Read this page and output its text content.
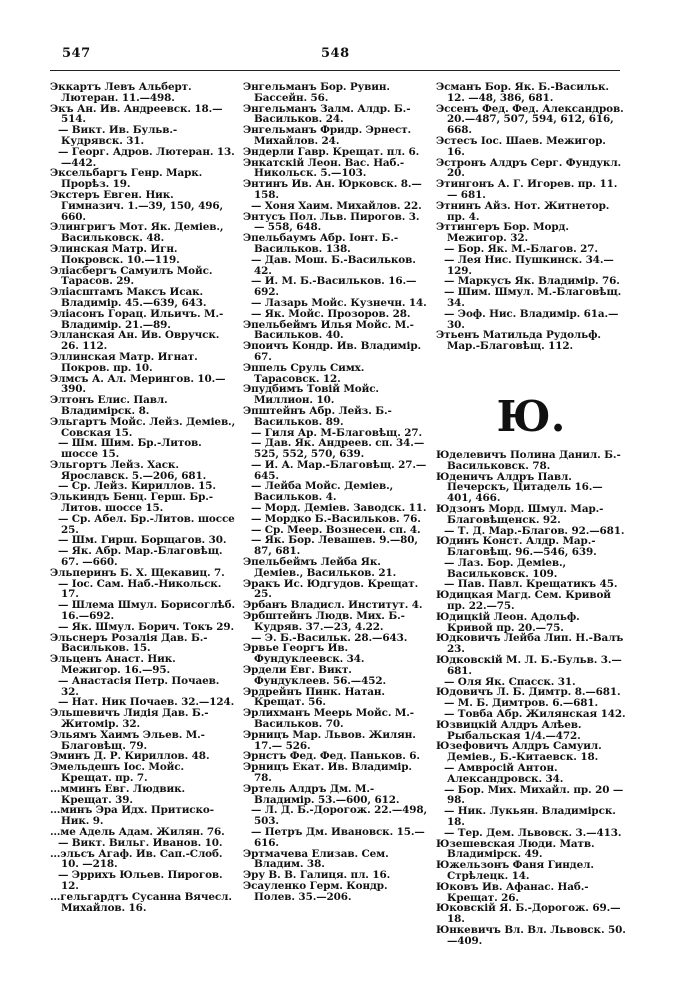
547	548

Эккартъ Левъ Альберт. Лютеран. 11.—498.

Экъ Ан. Ив. Андреевск. 18.— 514.

— Викт. Ив. Бульв.-Кудрявск. 31.

— Георг. Адров. Лютеран. 13. —442.

Эксельбаргъ Генр. Марк. Прорѣз. 19.

Экстеръ Евген. Ник. Гимназич. 1.—39, 150, 496, 660.

Элингригъ Мот. Як. Деміев., Васильковск. 48.

Элинская Матр. Игн. Покровск. 10.—119.

Элiасбергъ Самуилъ Мойс. Тарасов. 29.

Элiасштамъ Максъ Исак. Владимір. 45.—639, 643.

Элiасонъ Горац. Ильичъ. М.-Владимір. 21.—89.

Элланская Ан. Ив. Овручск. 26. 112.

Эллинская Матр. Игнат. Покров. пр. 10.

Элмсъ А. Ал. Мерингов. 10.— 390.

Элтонъ Елис. Павл. Владимірск. 8.

Эльгартъ Мойс. Лейз. Деміев., Совская 15.

— Шм. Шим. Бр.-Литов. шоссе 15.

Эльгортъ Лейз. Хаск. Ярославск. 5.—206, 681.

— Ср. Лейз. Кириллов. 15.

Элькиндъ Бенц. Герш. Бр.-Литов. шоссе 15.

— Ср. Абел. Бр.-Литов. шоссе 25.

— Шм. Гирш. Борщагов. 30.

— Як. Абр. Мар.-Благовѣщ. 67. —660.

Эльперинъ Б. Х. Щекавиц. 7.

— Іос. Сам. Наб.-Никольск. 17.

— Шлема Шмул. Борисоглѣб. 16.—692.

— Як. Шмул. Борич. Токъ 29.

Эльснеръ Розалія Дав. Б.-Васильков. 15.

Эльценъ Анаст. Ник. Межигор. 16.—95.

— Анастасія Петр. Почаев. 32.

— Нат. Ник Почаев. 32.—124.

Эльшевичъ Лидія Дав. Б.-Житомір. 32.

Эльямъ Хаимъ Эльев. М.-Благовѣщ. 79.

Эминъ Д. Р. Кириллов. 48.

Эмельдешъ Іос. Мойс. Крещат. пр. 7.

…мминъ Евг. Людвик. Крещат. 39.

…минъ Эра Идх. Притиско-Ник. 9.

…ме Адель Адам. Жилян. 76.

— Викт. Вильг. Иванов. 10.

…эльсъ Агаф. Ив. Сап.-Слоб. 10. —218.

— Эррихъ Юльев. Пирогов. 12.

…гельгардтъ Сусанна Вячесл. Михайлов. 16.

Энгельманъ Бор. Рувин. Бассейн. 56.

Энгельманъ Залм. Алдр. Б.-Васильков. 24.

Энгельманъ Фридр. Эрнест. Михайлов. 24.

Эндерли Гавр. Крещат. пл. 6.

Энкатскій Леон. Вас. Наб.-Никольск. 5.—103.

Энтинъ Ив. Ан. Юрковск. 8.— 158.

— Хоня Хаим. Михайлов. 22.

Энтусъ Пол. Льв. Пирогов. 3.— 558, 648.

Эпельбаумъ Абр. Іонт. Б.-Васильков. 138.

— Дав. Мош. Б.-Васильков. 42.

— И. М. Б.-Васильков. 16.— 692.

— Лазарь Мойс. Кузнечн. 14.

— Як. Мойс. Прозоров. 28.

Эпельбеймъ Илья Мойс. М.-Васильков. 40.

Эпоичъ Кондр. Ив. Владимір. 67.

Эппель Сруль Симх. Тарасовск. 12.

Эпудбимъ Товій Мойс. Миллион. 10.

Эпштейнъ Абр. Лейз. Б.-Васильков. 89.

— Гиля Ар. М-Благовѣщ. 27.

— Дав. Як. Андреев. сп. 34.— 525, 552, 570, 639.

— И. А. Мар.-Благовѣщ. 27.— 645.

— Лейба Мойс. Деміев., Васильков. 4.

— Морд. Деміев. Заводск. 11.

— Мордко Б.-Васильков. 76.

— Ср. Меер. Вознесен. сп. 4.

— Як. Бор. Левашев. 9.—80, 87, 681.

Эпельбеймъ Лейба Як. Деміев., Васильков. 21.

Эракъ Ис. Юдгудов. Крещат. 25.

Эрбанъ Владисл. Институт. 4.

Эрбштейнъ Людв. Мих. Б.-Кудряв. 37.—23, 4.22.

— Э. Б.-Васильк. 28.—643.

Эрвье Георгъ Ив. Фундуклеевск. 34.

Эрдели Евг. Викт. Фундуклеев. 56.—452.

Эрдрейнъ Пинк. Натан. Крещат. 56.

Эрлихманъ Меерь Мойс. М.-Васильков. 70.

Эрницъ Мар. Львов. Жилян. 17.— 526.

Эрнстъ Фед. Фед. Паньков. 6.

Эрницъ Екат. Ив. Владимір. 78.

Эртель Алдръ Дм. М.-Владимір. 53.—600, 612.

— Л. Д. Б.-Дорогож. 22.—498, 503.

— Петръ Дм. Ивановск. 15.— 616.

Эртмачева Елизав. Сем. Владим. 38.

Эру В. В. Галиця. пл. 16.

Эсауленко Герм. Кондр. Полев. 35.—206.

Эсманъ Бор. Як. Б.-Васильк. 12. —48, 386, 681.

Эссенъ Фед. Фед. Александров. 20.—487, 507, 594, 612, 616, 668.

Эстесъ Іос. Шаев. Межигор. 16.

Эстронъ Алдръ Серг. Фундукл. 20.

Этингонъ А. Г. Игорев. пр. 11.— 681.

Этнинъ Айз. Нот. Житнетор. пр. 4.

Эттингеръ Бор. Морд. Межигор. 32.

— Бор. Як. М.-Благов. 27.

— Лея Нис. Пушкинск. 34.— 129.

— Маркусъ Як. Владимір. 76.

— Шим. Шмул. М.-Благовѣщ. 34.

— Эоф. Нис. Владимір. 61а.— 30.

Этьенъ Матильда Рудольф. Мар.-Благовѣщ. 112.

Ю.

Юделевичъ Полина Данил. Б.-Васильковск. 78.

Юденичъ Алдръ Павл. Печерскъ, Цитадель 16.—401, 466.

Юдзонъ Морд. Шмул. Мар.-Благовѣщенск. 92.

— Т. Д. Мар.-Благов. 92.—681.

Юдинъ Конст. Алдр. Мар.-Благовѣщ. 96.—546, 639.

— Лаз. Бор. Деміев., Васильковск. 109.

— Пав. Павл. Крещатикъ 45.

Юдицкая Магд. Сем. Кривой пр. 22.—75.

Юдицкій Леон. Адольф. Кривой пр. 20.—75.

Юдковичъ Лейба Лип. Н.-Валъ 23.

Юдковскій М. Л. Б.-Бульв. 3.— 681.

— Оля Як. Спасск. 31.

Юдовичъ Л. Б. Димтр. 8.—681.

— М. Б. Димтров. 6.—681.

— Товба Абр. Жилянская 142.

Юзвицкій Алдръ Алѣев. Рыбальская 1/4.—472.

Юзефовичъ Алдръ Самуил. Деміев., Б.-Китаевск. 18.

— Амвросій Антон. Александровск. 34.

— Бор. Мих. Михайл. пр. 20 —98.

— Ник. Лукьян. Владимірск. 18.

— Тер. Дем. Львовск. 3.—413.

Юзешевская Люди. Матв. Владимірск. 49.

Южельзонъ Фаня Гиндел. Стрѣлецк. 14.

Юковъ Ив. Афанас. Наб.-Крещат. 26.

Юковскій Я. Б.-Дорогож. 69.— 18.

Юнкевичъ Вл. Вл. Львовск. 50. —409.
